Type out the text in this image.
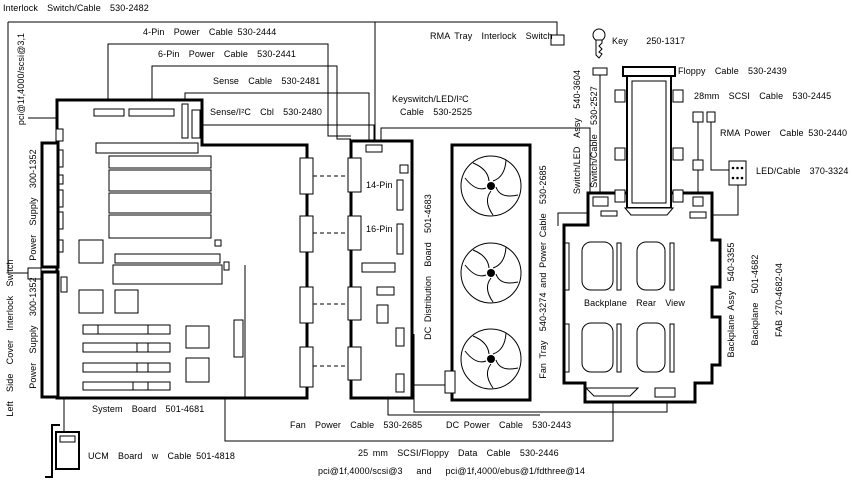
Interlock  Switch/Cable  530-2482
4-Pin  Power  Cable 530-2444
6-Pin  Power  Cable  530-2441
Sense  Cable  530-2481
Sense/I²C  Cbl  530-2480
RMA Tray  Interlock  Switch	Key    250-1317
Keyswitch/LED/I²C
Cable  530-2525
Floppy  Cable  530-2439
28mm  SCSI  Cable  530-2445
RMA Power  Cable 530-2440
LED/Cable  370-3324
14-Pin
16-Pin
Backplane  Rear  View
System  Board  501-4681
UCM  Board  w  Cable 501-4818
Fan  Power  Cable  530-2685	DC Power  Cable  530-2443
25 mm  SCSI/Floppy  Data  Cable  530-2446
pci@1f,4000/scsi@3   and   pci@1f,4000/ebus@1/fdthree@14
pci@1f,4000/scsi@3,1
Power  Supply  300-1352
Power  Supply  300-1352
Left  Side  Cover  Interlock  Switch	DC Distribution  Board  501-4683	Fan Tray  540-3274 and Power Cable  530-2685
Switch/LED  Assy  540-3604 Switch/Cable  530-2527
Backplane Assy  540-3355 Backplane  501-4682 FAB 270-4682-04
